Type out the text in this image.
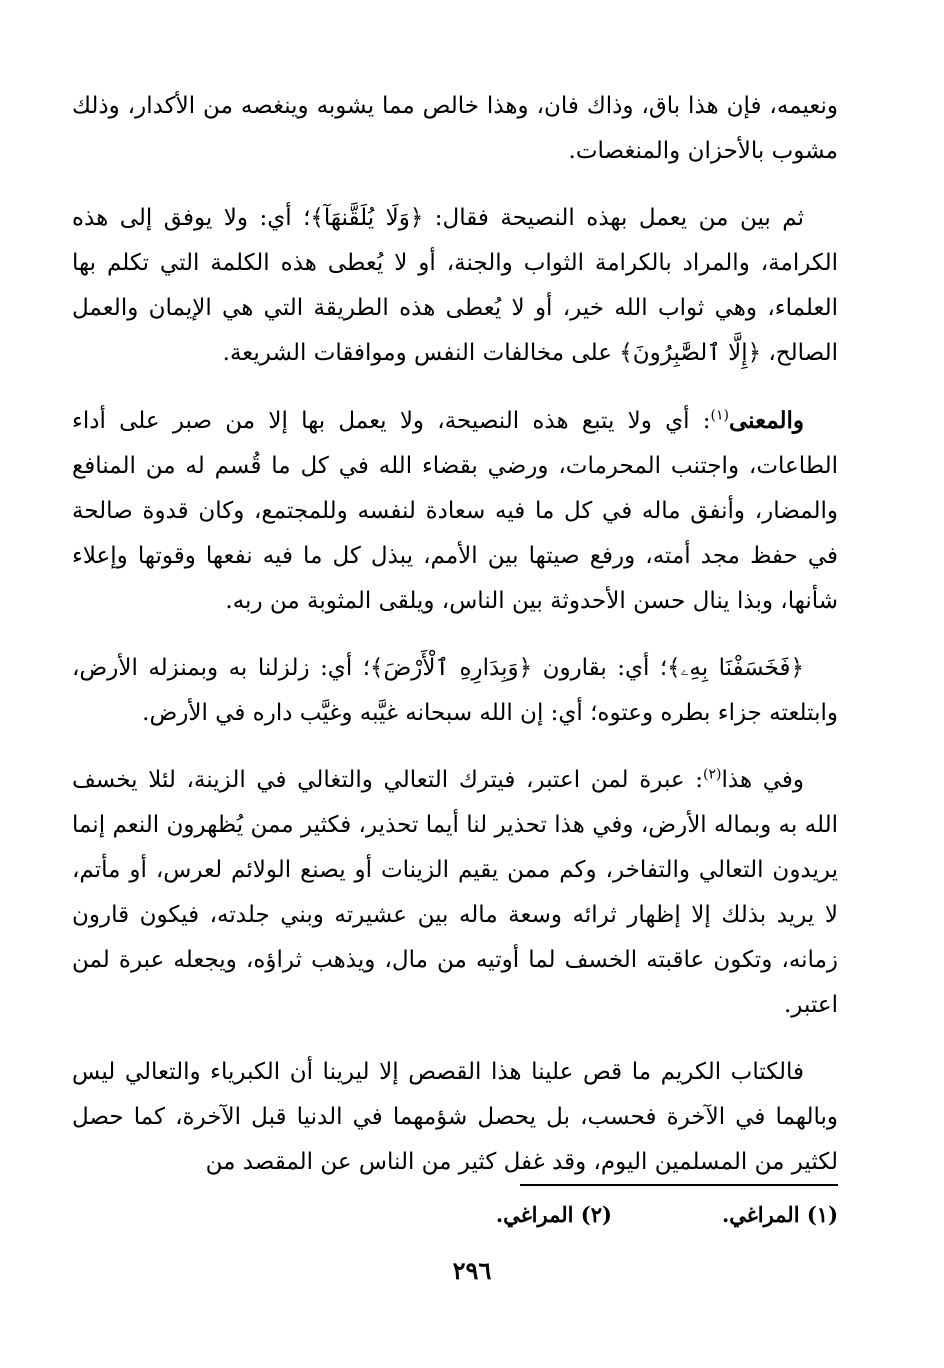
ونعيمه، فإن هذا باق، وذاك فان، وهذا خالص مما يشوبه وينغصه من الأكدار، وذلك مشوب بالأحزان والمنغصات.

ثم بين من يعمل بهذه النصيحة فقال: ﴿وَلَا يُلَقَّنهَآ﴾؛ أي: ولا يوفق إلى هذه الكرامة، والمراد بالكرامة الثواب والجنة، أو لا يُعطى هذه الكلمة التي تكلم بها العلماء، وهي ثواب الله خير، أو لا يُعطى هذه الطريقة التي هي الإيمان والعمل الصالح، ﴿إِلَّا ٱلصَّٰبِرُونَ﴾ على مخالفات النفس وموافقات الشريعة.

والمعنى$^{(١)}$: أي ولا يتبع هذه النصيحة، ولا يعمل بها إلا من صبر على أداء الطاعات، واجتنب المحرمات، ورضي بقضاء الله في كل ما قُسم له من المنافع والمضار، وأنفق ماله في كل ما فيه سعادة لنفسه وللمجتمع، وكان قدوة صالحة في حفظ مجد أمته، ورفع صيتها بين الأمم، يبذل كل ما فيه نفعها وقوتها وإعلاء شأنها، وبذا ينال حسن الأحدوثة بين الناس، ويلقى المثوبة من ربه.

﴿فَخَسَفْنَا بِهِۦ﴾؛ أي: بقارون ﴿وَبِدَارِهِ ٱلْأَرْضَ﴾؛ أي: زلزلنا به وبمنزله الأرض، وابتلعته جزاء بطره وعتوه؛ أي: إن الله سبحانه غيَّبه وغيَّب داره في الأرض.

وفي هذا$^{(٢)}$: عبرة لمن اعتبر، فيترك التعالي والتغالي في الزينة، لئلا يخسف الله به وبماله الأرض، وفي هذا تحذير لنا أيما تحذير، فكثير ممن يُظهرون النعم إنما يريدون التعالي والتفاخر، وكم ممن يقيم الزينات أو يصنع الولائم لعرس، أو مأتم، لا يريد بذلك إلا إظهار ثرائه وسعة ماله بين عشيرته وبني جلدته، فيكون قارون زمانه، وتكون عاقبته الخسف لما أوتيه من مال، ويذهب ثراؤه، ويجعله عبرة لمن اعتبر.

فالكتاب الكريم ما قص علينا هذا القصص إلا ليرينا أن الكبرياء والتعالي ليس وبالهما في الآخرة فحسب، بل يحصل شؤمهما في الدنيا قبل الآخرة، كما حصل لكثير من المسلمين اليوم، وقد غفل كثير من الناس عن المقصد من

(١) المراغي.
(٢) المراغي.
٢٩٦
